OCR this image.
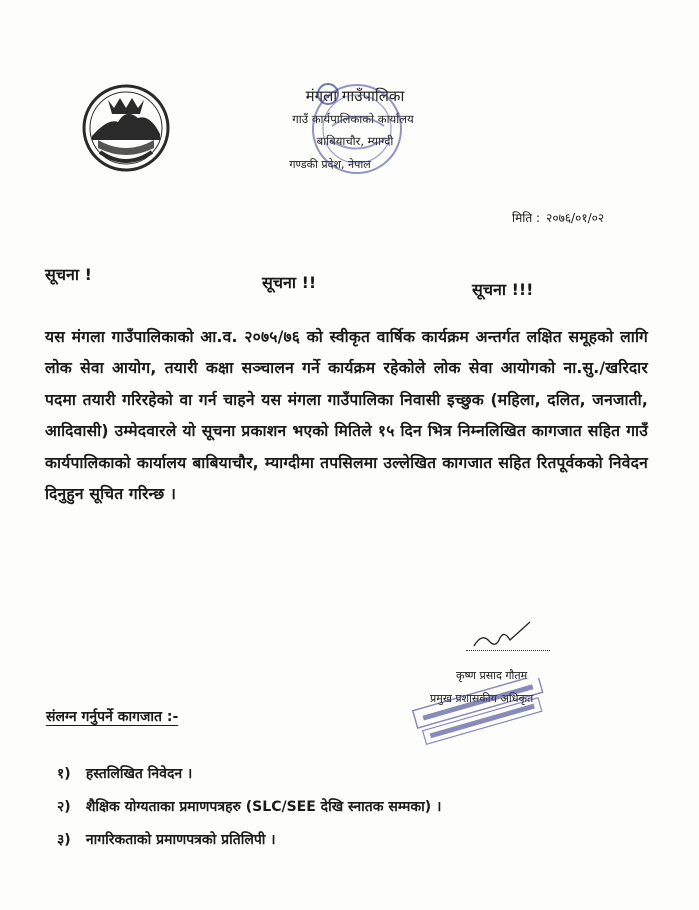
मंगला गाउँपालिका
गाउँ कार्यपालिकाको कार्यालय
बाबियाचौर, म्याग्दी
गण्डकी प्रदेश, नेपाल
मिति : २०७६/०१/०२
सूचना !	सूचना !!	सूचना !!!
यस मंगला गाउँपालिकाको आ.व. २०७५/७६ को स्वीकृत वार्षिक कार्यक्रम अन्तर्गत लक्षित समूहको लागि लोक सेवा आयोग, तयारी कक्षा सञ्चालन गर्ने कार्यक्रम रहेकोले लोक सेवा आयोगको ना.सु./खरिदार पदमा तयारी गरिरहेको वा गर्न चाहने यस मंगला गाउँपालिका निवासी इच्छुक (महिला, दलित, जनजाती, आदिवासी) उम्मेदवारले यो सूचना प्रकाशन भएको मितिले १५ दिन भित्र निम्नलिखित कागजात सहित गाउँ कार्यपालिकाको कार्यालय बाबियाचौर, म्याग्दीमा तपसिलमा उल्लेखित कागजात सहित रितपूर्वकको निवेदन दिनुहुन सूचित गरिन्छ ।
कृष्ण प्रसाद गौतम
प्रमुख प्रशासकीय अधिकृत
संलग्न गर्नुपर्ने कागजात :-
१) हस्तलिखित निवेदन ।
२) शैक्षिक योग्यताका प्रमाणपत्रहरु (SLC/SEE देखि स्नातक सम्मका) ।
३) नागरिकताको प्रमाणपत्रको प्रतिलिपी ।
